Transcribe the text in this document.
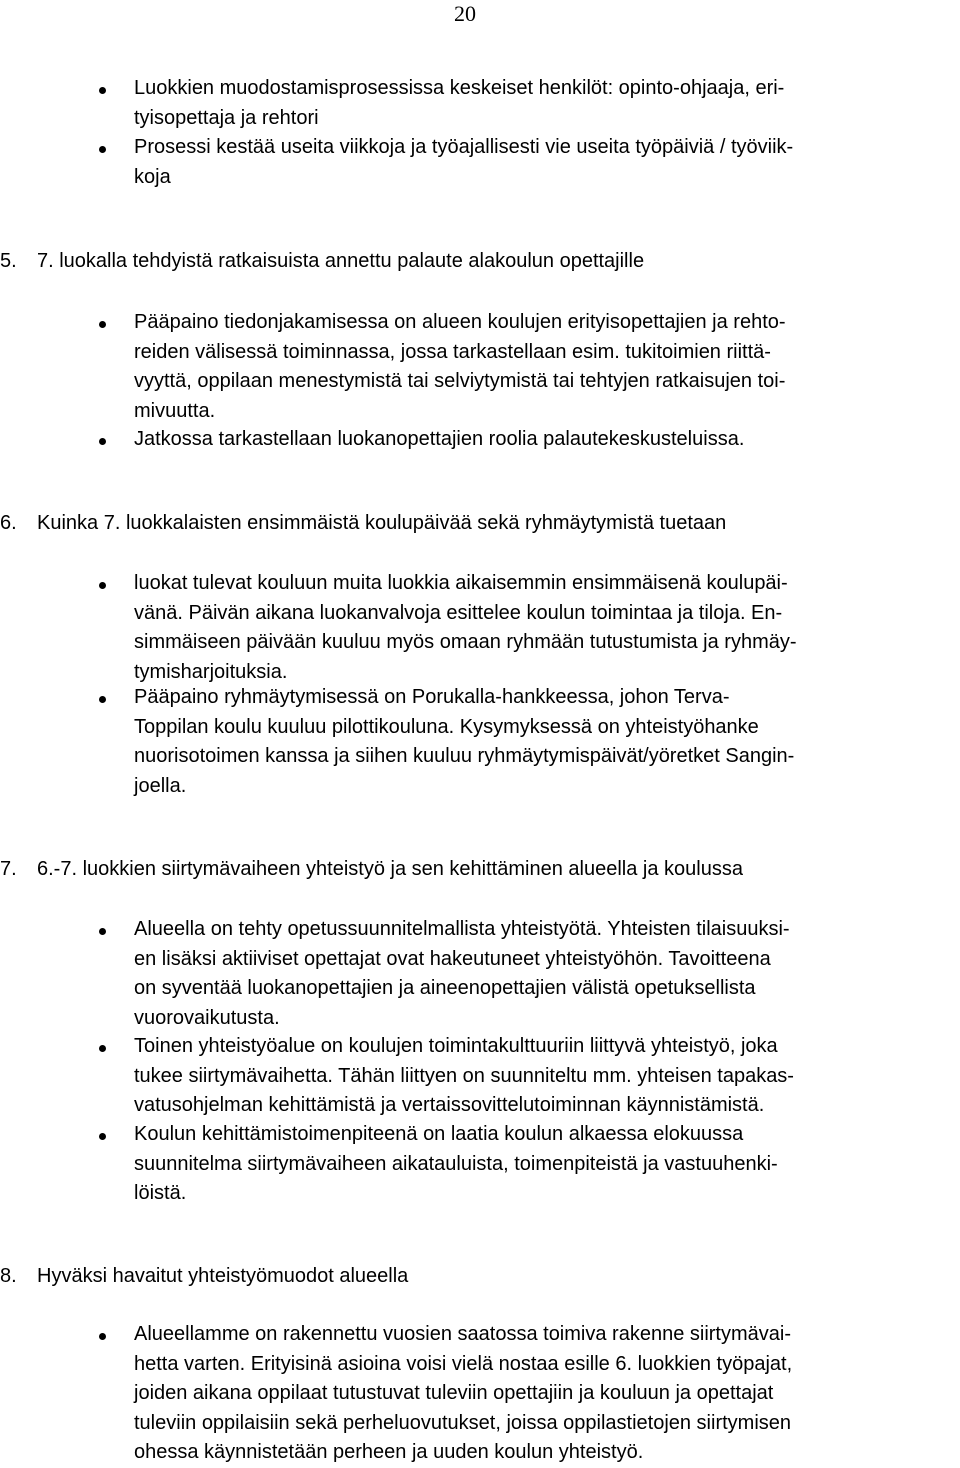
20
Luokkien muodostamisprosessissa keskeiset henkilöt: opinto-ohjaaja, eri-
tyisopettaja ja rehtori
Prosessi kestää useita viikkoja ja työajallisesti vie useita työpäiviä / työviik-
koja
5. 7. luokalla tehdyistä ratkaisuista annettu palaute alakoulun opettajille
Pääpaino tiedonjakamisessa on alueen koulujen erityisopettajien ja rehto-
reiden välisessä toiminnassa, jossa tarkastellaan esim. tukitoimien riittä-
vyyttä, oppilaan menestymistä tai selviytymistä tai tehtyjen ratkaisujen toi-
mivuutta.
Jatkossa tarkastellaan luokanopettajien roolia palautekeskusteluissa.
6. Kuinka 7. luokkalaisten ensimmäistä koulupäivää sekä ryhmäytymistä tuetaan
luokat tulevat kouluun muita luokkia aikaisemmin ensimmäisenä koulupäi-
vänä. Päivän aikana luokanvalvoja esittelee koulun toimintaa ja tiloja. En-
simmäiseen päivään kuuluu myös omaan ryhmään tutustumista ja ryhmäy-
tymisharjoituksia.
Pääpaino ryhmäytymisessä on Porukalla-hankkeessa, johon Terva-
Toppilan koulu kuuluu pilottikouluna. Kysymyksessä on yhteistyöhanke
nuorisotoimen kanssa ja siihen kuuluu ryhmäytymispäivät/yöretket Sangin-
joella.
7. 6.-7. luokkien siirtymävaiheen yhteistyö ja sen kehittäminen alueella ja koulussa
Alueella on tehty opetussuunnitelmallista yhteistyötä. Yhteisten tilaisuuksi-
en lisäksi aktiiviset opettajat ovat hakeutuneet yhteistyöhön. Tavoitteena
on syventää luokanopettajien ja aineenopettajien välistä opetuksellista
vuorovaikutusta.
Toinen yhteistyöalue on koulujen toimintakulttuuriin liittyvä yhteistyö, joka
tukee siirtymävaihetta. Tähän liittyen on suunniteltu mm. yhteisen tapakas-
vatusohjelman kehittämistä ja vertaissovittelutoiminnan käynnistämistä.
Koulun kehittämistoimenpiteenä on laatia koulun alkaessa elokuussa
suunnitelma siirtymävaiheen aikatauluista, toimenpiteistä ja vastuuhenki-
löistä.
8. Hyväksi havaitut yhteistyömuodot alueella
Alueellamme on rakennettu vuosien saatossa toimiva rakenne siirtymävai-
hetta varten. Erityisinä asioina voisi vielä nostaa esille 6. luokkien työpajat,
joiden aikana oppilaat tutustuvat tuleviin opettajiin ja kouluun ja opettajat
tuleviin oppilaisiin sekä perheluovutukset, joissa oppilastietojen siirtymisen
ohessa käynnistetään perheen ja uuden koulun yhteistyö.
